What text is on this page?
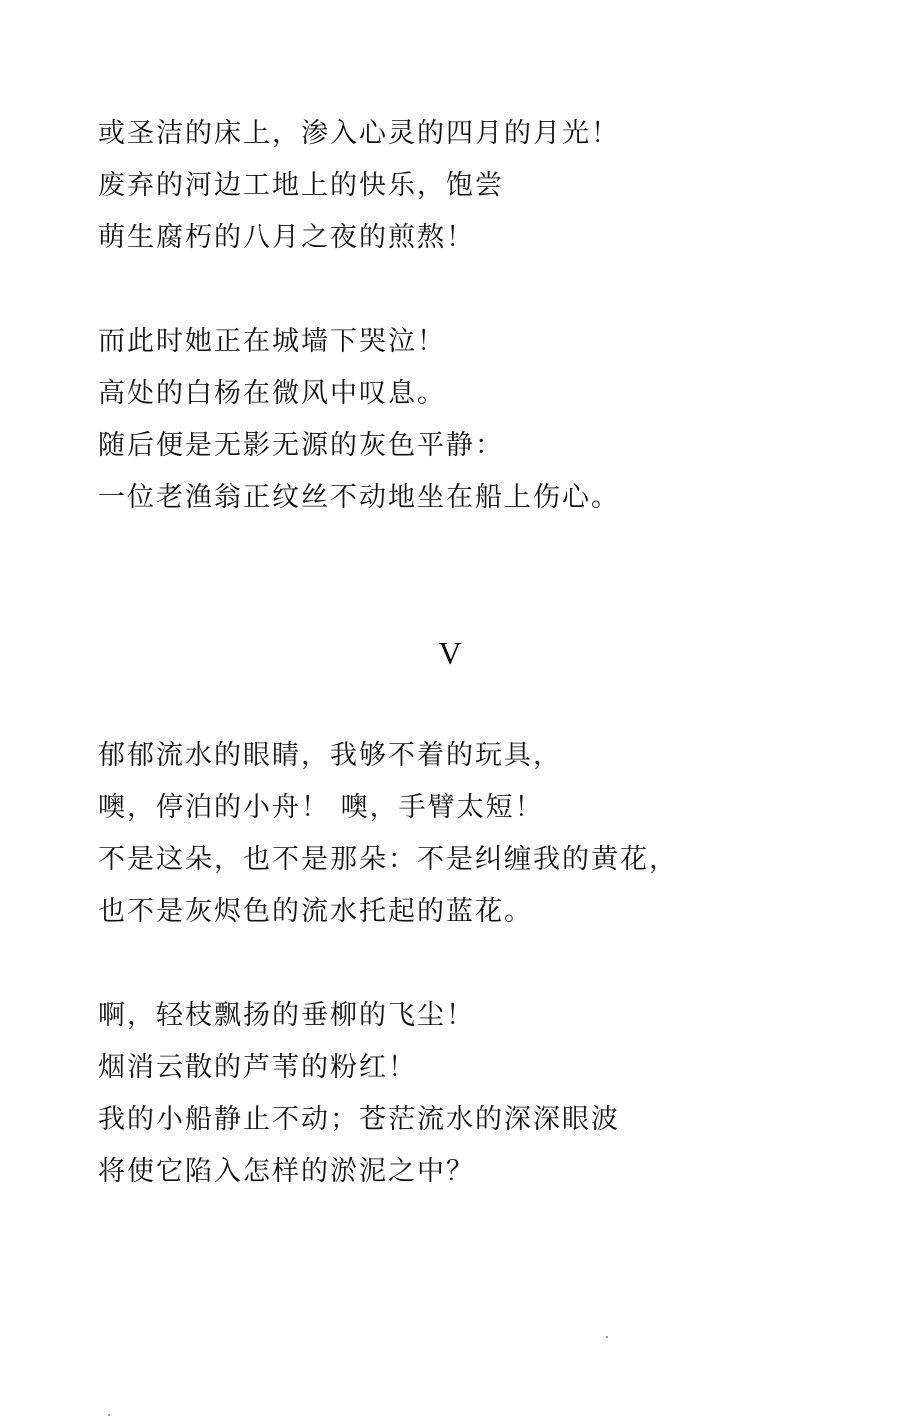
或圣洁的床上，渗入心灵的四月的月光！
废弃的河边工地上的快乐，饱尝
萌生腐朽的八月之夜的煎熬！
而此时她正在城墙下哭泣！
高处的白杨在微风中叹息。
随后便是无影无源的灰色平静：
一位老渔翁正纹丝不动地坐在船上伤心。
V
郁郁流水的眼睛，我够不着的玩具，
噢，停泊的小舟！ 噢，手臂太短！
不是这朵，也不是那朵：不是纠缠我的黄花，
也不是灰烬色的流水托起的蓝花。
啊，轻枝飘扬的垂柳的飞尘！
烟消云散的芦苇的粉红！
我的小船静止不动；苍茫流水的深深眼波
将使它陷入怎样的淤泥之中？
